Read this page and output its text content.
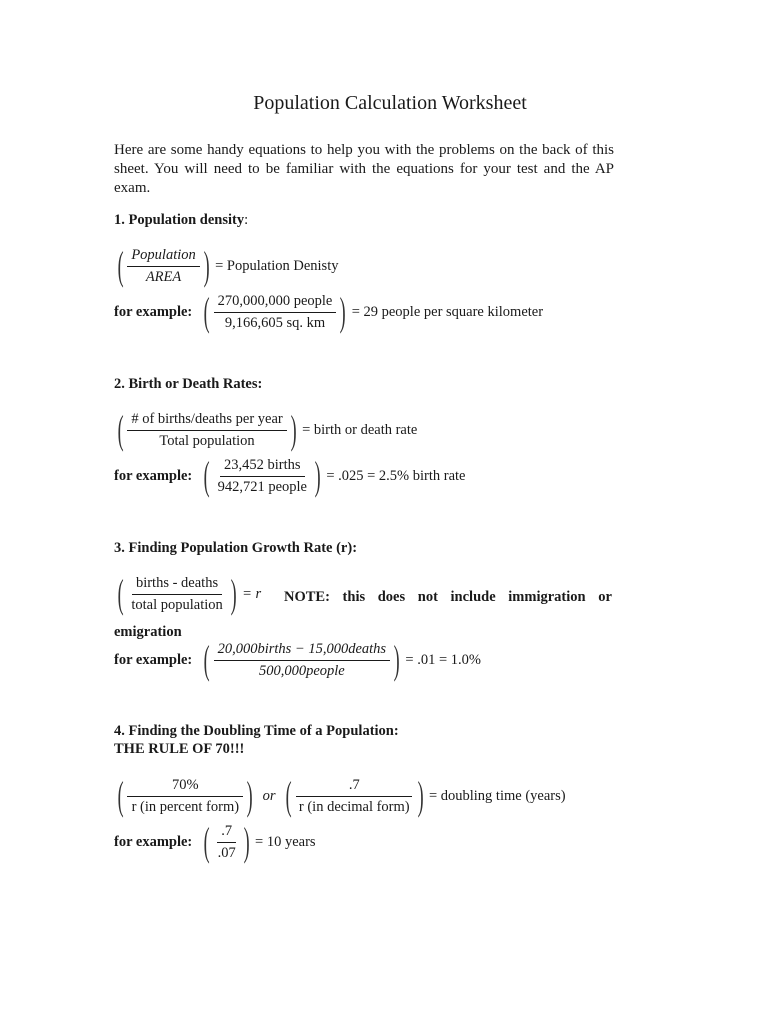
Population Calculation Worksheet
Here are some handy equations to help you with the problems on the back of this sheet. You will need to be familiar with the equations for your test and the AP exam.
1. Population density:
( $\frac{\text{Population}}{\text{AREA}}$ ) = Population Denisty
for example: ( $\frac{\text{270,000,000 people}}{9,166,605 sq. km}$ ) = 29 people per square kilometer
2. Birth or Death Rates:
( $\frac{\text{\# of births/deaths per year}}{\text{Total population}}$ ) = birth or death rate
for example: ( $\frac{\text{23,452 births}}{\text{942,721 people}}$ ) = .025 = 2.5% birth rate
3. Finding Population Growth Rate (r):
( $\frac{\text{births - deaths}}{\text{total population}}$ ) = r NOTE: this does not include immigration or
emigration
for example: ( $\frac{\text{20,000births − 15,000deaths}}{\text{500,000people}}$ ) = .01 = 1.0%
4. Finding the Doubling Time of a Population:
THE RULE OF 70!!!
( $\frac{70\%}{\text{r (in percent form)}}$ ) or ( $\frac{.7}{\text{r (in decimal form)}}$ ) = doubling time (years)
for example: ( $\frac{.7}{.07}$ ) = 10 years
